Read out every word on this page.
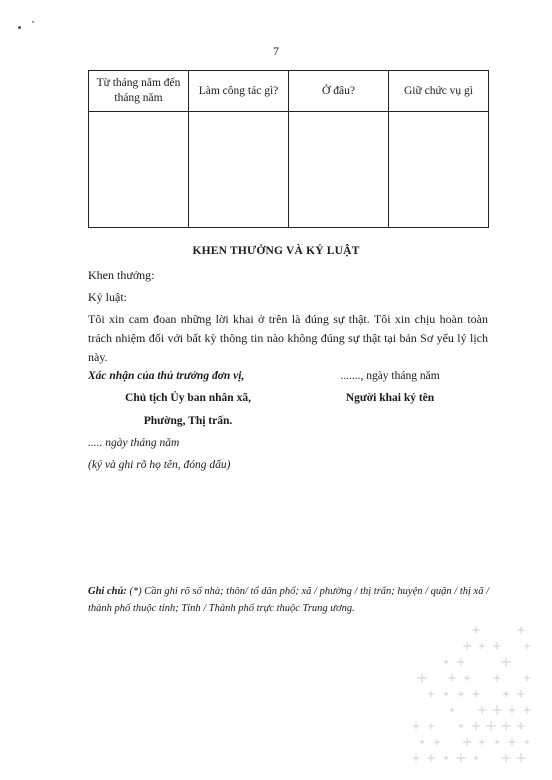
7
Từ tháng năm đến tháng năm	Làm công tác gì?	Ở đâu?	Giữ chức vụ gì

KHEN THƯỞNG VÀ KỶ LUẬT
Khen thưởng:
Kỷ luật:
Tôi xin cam đoan những lời khai ở trên là đúng sự thật. Tôi xin chịu hoàn toàn trách nhiệm đối với bất kỳ thông tin nào không đúng sự thật tại bản Sơ yếu lý lịch này.
Xác nhận của thủ trưởng đơn vị,
Chủ tịch Ủy ban nhân xã,
Phường, Thị trấn.
..... ngày tháng năm
(ký và ghi rõ họ tên, đóng dấu)
......., ngày tháng năm
Người khai ký tên
Ghi chú: (*) Cần ghi rõ số nhà; thôn/ tổ dân phố; xã / phường / thị trấn; huyện / quận / thị xã / thành phố thuộc tỉnh; Tỉnh / Thành phố trực thuộc Trung ương.
